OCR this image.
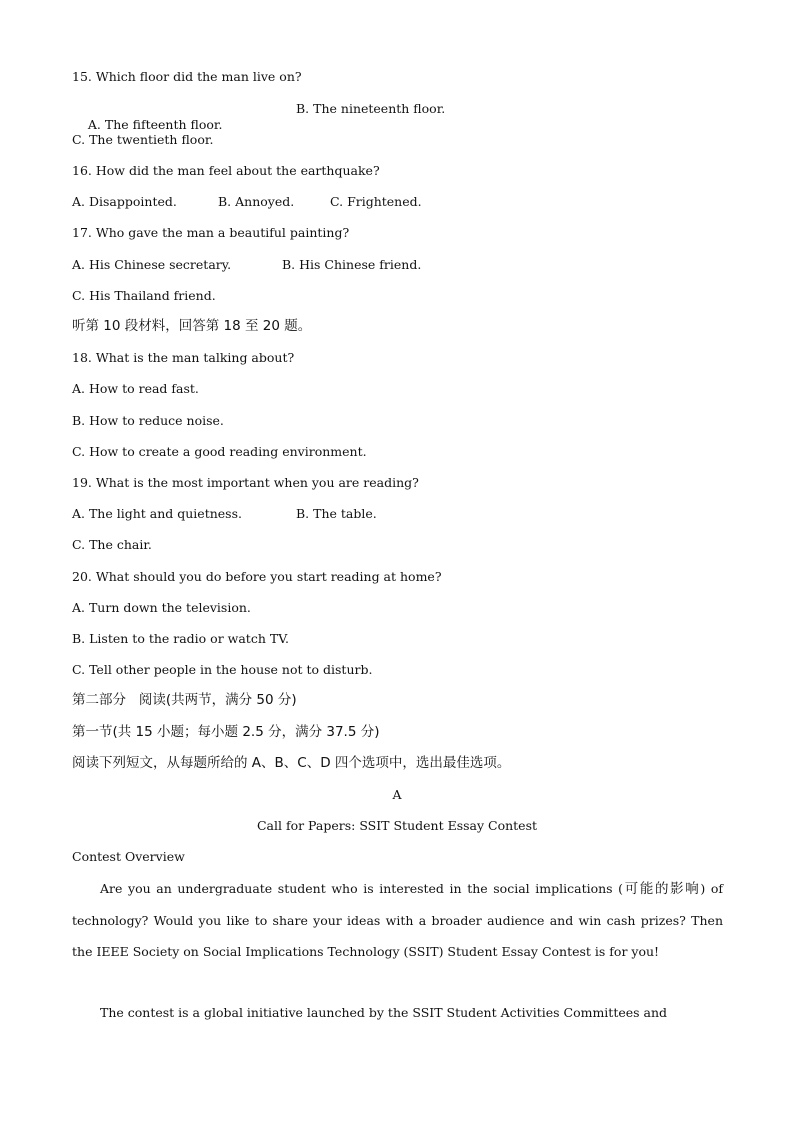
15. Which floor did the man live on?

A. The fifteenth floor.

B. The nineteenth floor.
C. The twentieth floor.
16. How did the man feel about the earthquake?
A. Disappointed.	B. Annoyed.	C. Frightened.
17. Who gave the man a beautiful painting?
A. His Chinese secretary.	B. His Chinese friend.
C. His Thailand friend.
听第 10 段材料，回答第 18 至 20 题。
18. What is the man talking about?
A. How to read fast.
B. How to reduce noise.
C. How to create a good reading environment.
19. What is the most important when you are reading?
A. The light and quietness.	B. The table.
C. The chair.
20. What should you do before you start reading at home?
A. Turn down the television.
B. Listen to the radio or watch TV.
C. Tell other people in the house not to disturb.
第二部分   阅读(共两节，满分 50 分)
第一节(共 15 小题；每小题 2.5 分，满分 37.5 分)
阅读下列短文，从每题所给的 A、B、C、D 四个选项中，选出最佳选项。
A
Call for Papers: SSIT Student Essay Contest
Contest Overview
Are you an undergraduate student who is interested in the social implications (可能的影响) of technology? Would you like to share your ideas with a broader audience and win cash prizes? Then the IEEE Society on Social Implications Technology (SSIT) Student Essay Contest is for you!
The contest is a global initiative launched by the SSIT Student Activities Committees and
